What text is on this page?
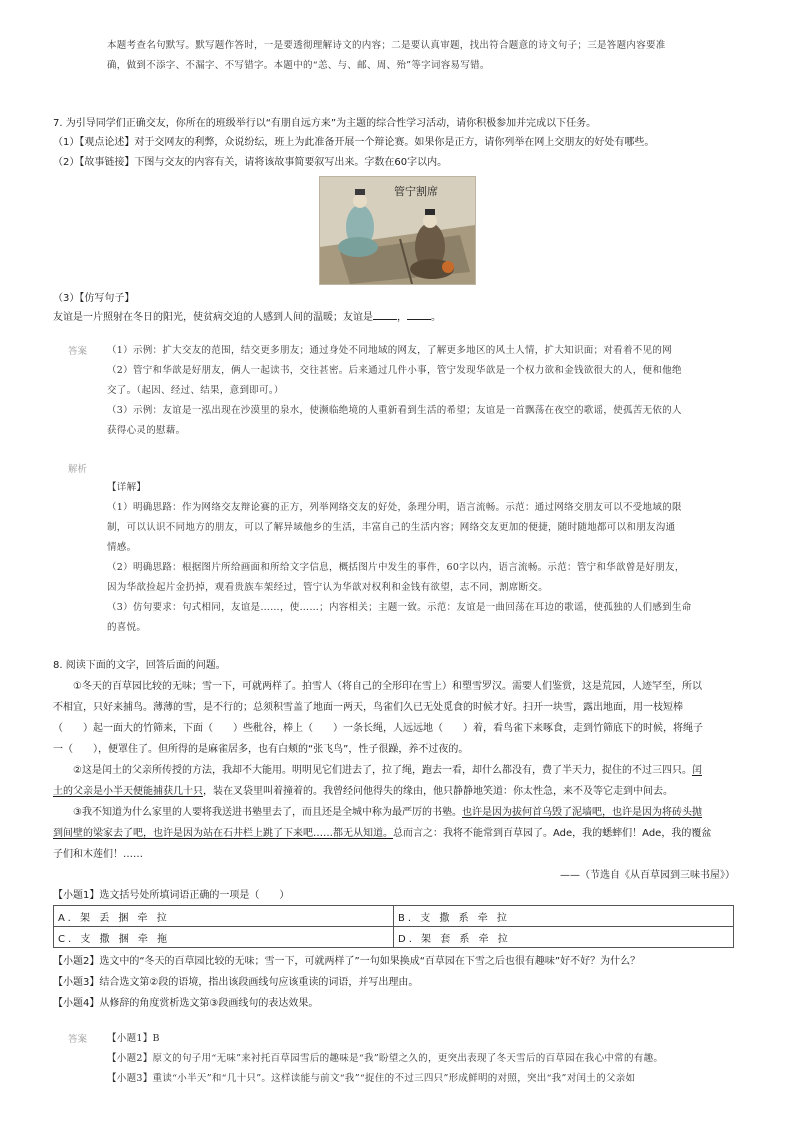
本题考查名句默写。默写题作答时，一是要透彻理解诗文的内容；二是要认真审题，找出符合题意的诗文句子；三是答题内容要准
确，做到不添字、不漏字、不写错字。本题中的“恙、与、邮、周、殆”等字词容易写错。
7. 为引导同学们正确交友，你所在的班级举行以“有朋自远方来”为主题的综合性学习活动，请你积极参加并完成以下任务。
（1）【观点论述】对于交网友的利弊，众说纷纭，班上为此准备开展一个辩论赛。如果你是正方，请你列举在网上交朋友的好处有哪些。
（2）【故事链接】下图与交友的内容有关，请将该故事简要叙写出来。字数在60字以内。
管宁割席
（3）【仿写句子】
友谊是一片照射在冬日的阳光，使贫病交迫的人感到人间的温暖；友谊是 ， 。
答案 （1）示例：扩大交友的范围，结交更多朋友；通过身处不同地域的网友，了解更多地区的风土人情，扩大知识面；对看着不见的网
（2）管宁和华歆是好朋友，俩人一起读书，交往甚密。后来通过几件小事，管宁发现华歆是一个权力欲和金钱欲很大的人，便和他绝
交了。（起因、经过、结果，意到即可。）
（3）示例：友谊是一泓出现在沙漠里的泉水，使濒临绝境的人重新看到生活的希望；友谊是一首飘荡在夜空的歌谣，使孤苦无依的人
获得心灵的慰藉。
解析
【详解】
（1）明确思路：作为网络交友辩论赛的正方，列举网络交友的好处，条理分明，语言流畅。示范：通过网络交朋友可以不受地域的限
制，可以认识不同地方的朋友，可以了解异域他乡的生活，丰富自己的生活内容；网络交友更加的便捷，随时随地都可以和朋友沟通
情感。
（2）明确思路：根据图片所给画面和所给文字信息，概括图片中发生的事件，60字以内，语言流畅。示范：管宁和华歆曾是好朋友，
因为华歆捡起片金扔掉，观看贵族车架经过，管宁认为华歆对权利和金钱有欲望，志不同，割席断交。
（3）仿句要求：句式相同，友谊是……，使……；内容相关；主题一致。示范：友谊是一曲回荡在耳边的歌谣，使孤独的人们感到生命
的喜悦。
8. 阅读下面的文字，回答后面的问题。
①冬天的百草园比较的无味；雪一下，可就两样了。拍雪人（将自己的全形印在雪上）和塑雪罗汉。需要人们鉴赏，这是荒园，人迹罕至，所以
不相宜，只好来捕鸟。薄薄的雪，是不行的；总须积雪盖了地面一两天，鸟雀们久已无处觅食的时候才好。扫开一块雪，露出地面，用一枝短棒
（　　）起一面大的竹筛来，下面（　　）些秕谷，棒上（　　）一条长绳，人远远地（　　）着，看鸟雀下来啄食，走到竹筛底下的时候，将绳子
一（　　），便罩住了。但所得的是麻雀居多，也有白颊的“张飞鸟”，性子很躁，养不过夜的。
②这是闰土的父亲所传授的方法，我却不大能用。明明见它们进去了，拉了绳，跑去一看，却什么都没有，费了半天力，捉住的不过三四只。闰
土的父亲是小半天便能捕获几十只，装在叉袋里叫着撞着的。我曾经问他得失的缘由，他只静静地笑道：你太性急，来不及等它走到中间去。
③我不知道为什么家里的人要将我送进书塾里去了，而且还是全城中称为最严厉的书塾。也许是因为拔何首乌毁了泥墙吧，也许是因为将砖头抛
到间壁的梁家去了吧，也许是因为站在石井栏上跳了下来吧……都无从知道。总而言之：我将不能常到百草园了。Ade，我的蟋蟀们！Ade，我的覆盆
子们和木莲们！……
——（节选自《从百草园到三味书屋》）
【小题1】选文括号处所填词语正确的一项是（　　）
A. 架 丢 捆 牵 拉	B. 支 撒 系 牵 拉
C. 支 撒 捆 牵 拖	D. 架 套 系 牵 拉
【小题2】选文中的“冬天的百草园比较的无味；雪一下，可就两样了”一句如果换成“百草园在下雪之后也很有趣味”好不好？为什么？
【小题3】结合选文第②段的语境，指出该段画线句应该重读的词语，并写出理由。
【小题4】从修辞的角度赏析选文第③段画线句的表达效果。
答案 【小题1】B
【小题2】原文的句子用“无味”来衬托百草园雪后的趣味是“我”盼望之久的，更突出表现了冬天雪后的百草园在我心中常的有趣。
【小题3】重读“小半天”和“几十只”。这样读能与前文“我”“捉住的不过三四只”形成鲜明的对照，突出“我”对闰土的父亲如
